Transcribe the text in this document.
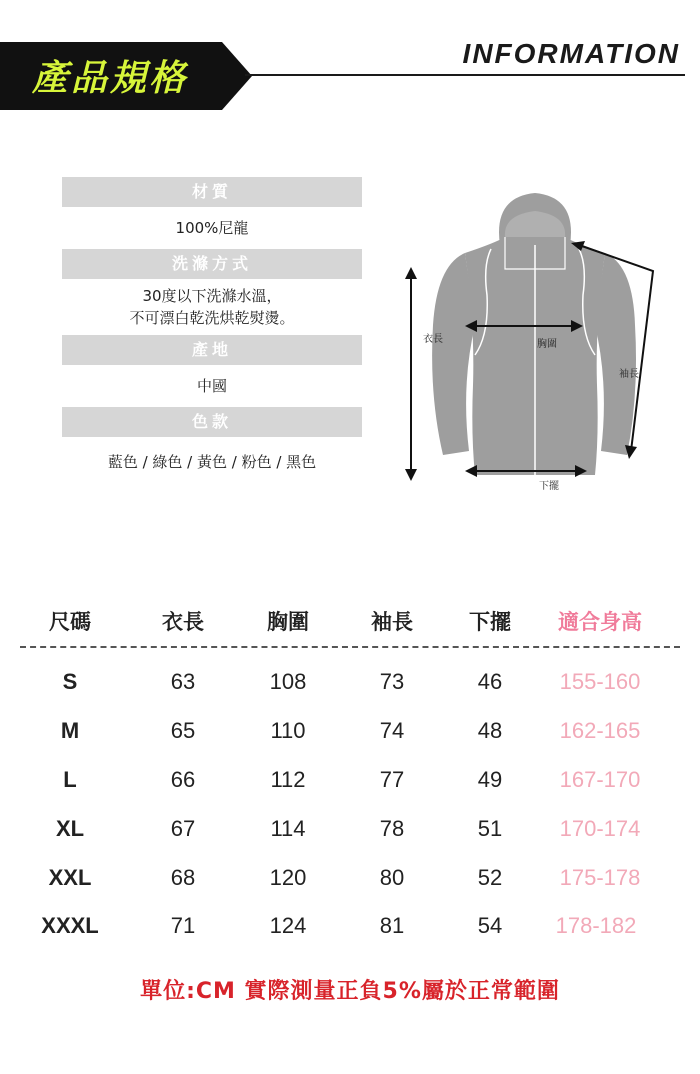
產品規格
INFORMATION
材質
100%尼龍
洗滌方式
30度以下洗滌水溫，
不可漂白乾洗烘乾熨燙。
產地
中國
色款
藍色 / 綠色 / 黃色 / 粉色 / 黑色
衣長	胸圍
袖長
下擺
尺碼	衣長	胸圍	袖長	下擺	適合身高
S	63	108	73	46	155-160
M	65	110	74	48	162-165
L	66	112	77	49	167-170
XL	67	114	78	51	170-174
XXL	68	120	80	52	175-178
XXXL	71	124	81	54	178-182
單位:CM 實際測量正負5%屬於正常範圍
